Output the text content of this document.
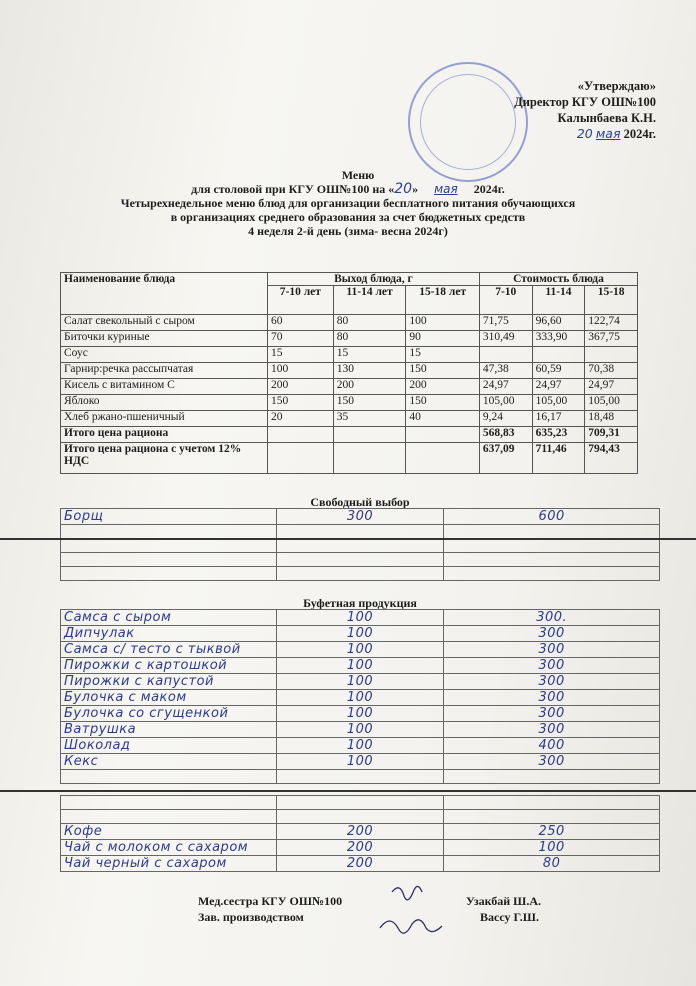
«Утверждаю»
Директор КГУ ОШ№100
Калынбаева К.Н.
20 мая 2024г.
Меню
для столовой при КГУ ОШ№100 на «20» мая 2024г.
Четырехнедельное меню блюд для организации бесплатного питания обучающихся
в организациях среднего образования за счет бюджетных средств
4 неделя 2-й день (зима- весна 2024г)
Наименование блюда	Выход блюда, г			Стоимость блюда		
	7-10 лет	11-14 лет	15-18 лет	7-10	11-14	15-18
Салат свекольный с сыром	60	80	100	71,75	96,60	122,74
Биточки куриные	70	80	90	310,49	333,90	367,75
Соус	15	15	15			
Гарнир:речка рассыпчатая	100	130	150	47,38	60,59	70,38
Кисель с витамином С	200	200	200	24,97	24,97	24,97
Яблоко	150	150	150	105,00	105,00	105,00
Хлеб ржано-пшеничный	20	35	40	9,24	16,17	18,48
Итого цена рациона				568,83	635,23	709,31
Итого цена рациона с учетом 12% НДС				637,09	711,46	794,43
Свободный выбор
Борщ	300	600

Буфетная продукция
Самса с сыром	100	300.
Дипчулак	100	300
Самса с/ тесто с тыквой	100	300
Пирожки с картошкой	100	300
Пирожки с капустой	100	300
Булочка с маком	100	300
Булочка со сгущенкой	100	300
Ватрушка	100	300
Шоколад	100	400
Кекс	100	300

Кофе	200	250
Чай с молоком с сахаром	200	100
Чай черный с сахаром	200	80
Мед.сестра КГУ ОШ№100	Узакбай Ш.А.
Зав. производством	Вассу Г.Ш.
